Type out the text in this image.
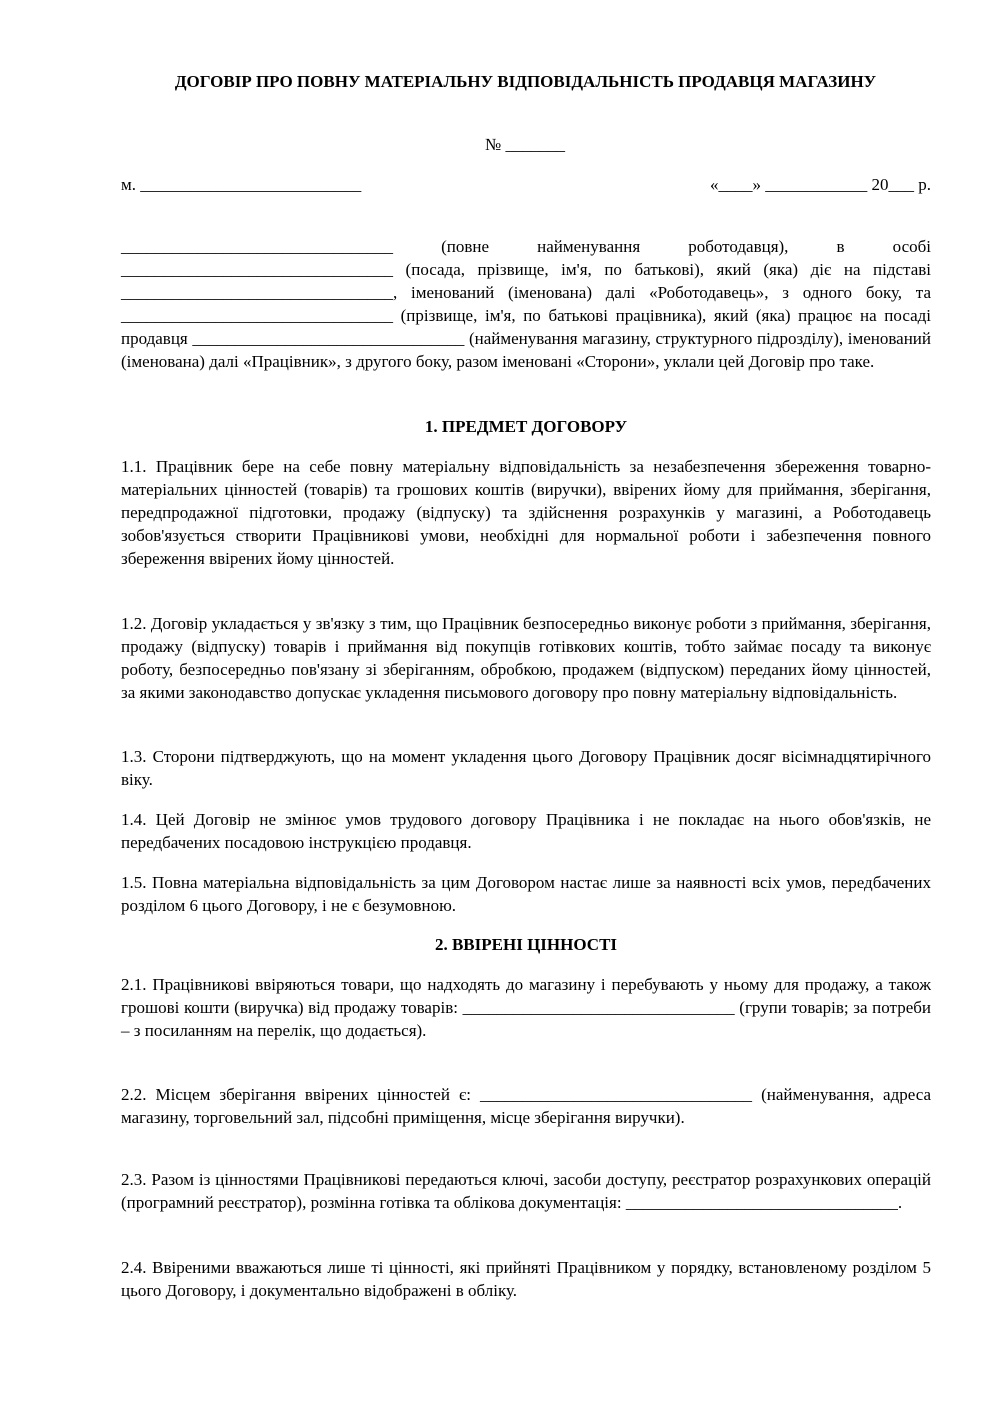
ДОГОВІР ПРО ПОВНУ МАТЕРІАЛЬНУ ВІДПОВІДАЛЬНІСТЬ ПРОДАВЦЯ МАГАЗИНУ
№ _______
м. __________________________	«____» ____________ 20___ р.

________________________________ (повне найменування роботодавця), в особі ________________________________ (посада, прізвище, ім'я, по батькові), який (яка) діє на підставі ________________________________, іменований (іменована) далі «Роботодавець», з одного боку, та ________________________________ (прізвище, ім'я, по батькові працівника), який (яка) працює на посаді продавця ________________________________ (найменування магазину, структурного підрозділу), іменований (іменована) далі «Працівник», з другого боку, разом іменовані «Сторони», уклали цей Договір про таке.

1. ПРЕДМЕТ ДОГОВОРУ

1.1. Працівник бере на себе повну матеріальну відповідальність за незабезпечення збереження товарно-матеріальних цінностей (товарів) та грошових коштів (виручки), ввірених йому для приймання, зберігання, передпродажної підготовки, продажу (відпуску) та здійснення розрахунків у магазині, а Роботодавець зобов'язується створити Працівникові умови, необхідні для нормальної роботи і забезпечення повного збереження ввірених йому цінностей.

1.2. Договір укладається у зв'язку з тим, що Працівник безпосередньо виконує роботи з приймання, зберігання, продажу (відпуску) товарів і приймання від покупців готівкових коштів, тобто займає посаду та виконує роботу, безпосередньо пов'язану зі зберіганням, обробкою, продажем (відпуском) переданих йому цінностей, за якими законодавство допускає укладення письмового договору про повну матеріальну відповідальність.

1.3. Сторони підтверджують, що на момент укладення цього Договору Працівник досяг вісімнадцятирічного віку.

1.4. Цей Договір не змінює умов трудового договору Працівника і не покладає на нього обов'язків, не передбачених посадовою інструкцією продавця.

1.5. Повна матеріальна відповідальність за цим Договором настає лише за наявності всіх умов, передбачених розділом 6 цього Договору, і не є безумовною.

2. ВВІРЕНІ ЦІННОСТІ

2.1. Працівникові ввіряються товари, що надходять до магазину і перебувають у ньому для продажу, а також грошові кошти (виручка) від продажу товарів: ________________________________ (групи товарів; за потреби – з посиланням на перелік, що додається).

2.2. Місцем зберігання ввірених цінностей є: ________________________________ (найменування, адреса магазину, торговельний зал, підсобні приміщення, місце зберігання виручки).

2.3. Разом із цінностями Працівникові передаються ключі, засоби доступу, реєстратор розрахункових операцій (програмний реєстратор), розмінна готівка та облікова документація: ________________________________.

2.4. Ввіреними вважаються лише ті цінності, які прийняті Працівником у порядку, встановленому розділом 5 цього Договору, і документально відображені в обліку.
